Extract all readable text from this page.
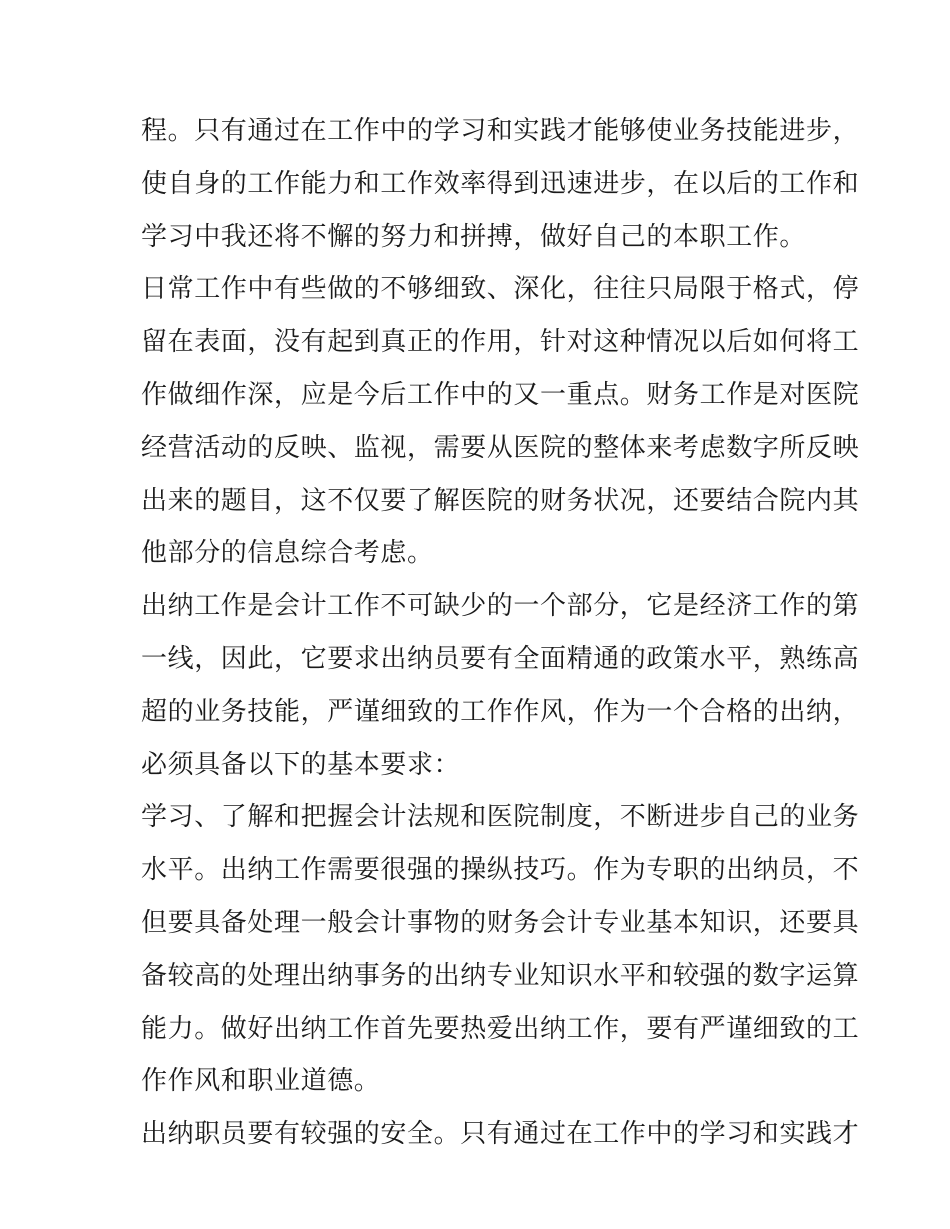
程。只有通过在工作中的学习和实践才能够使业务技能进步，
使自身的工作能力和工作效率得到迅速进步，在以后的工作和
学习中我还将不懈的努力和拼搏，做好自己的本职工作。
日常工作中有些做的不够细致、深化，往往只局限于格式，停
留在表面，没有起到真正的作用，针对这种情况以后如何将工
作做细作深，应是今后工作中的又一重点。财务工作是对医院
经营活动的反映、监视，需要从医院的整体来考虑数字所反映
出来的题目，这不仅要了解医院的财务状况，还要结合院内其
他部分的信息综合考虑。
出纳工作是会计工作不可缺少的一个部分，它是经济工作的第
一线，因此，它要求出纳员要有全面精通的政策水平，熟练高
超的业务技能，严谨细致的工作作风，作为一个合格的出纳，
必须具备以下的基本要求：
学习、了解和把握会计法规和医院制度，不断进步自己的业务
水平。出纳工作需要很强的操纵技巧。作为专职的出纳员，不
但要具备处理一般会计事物的财务会计专业基本知识，还要具
备较高的处理出纳事务的出纳专业知识水平和较强的数字运算
能力。做好出纳工作首先要热爱出纳工作，要有严谨细致的工
作作风和职业道德。
出纳职员要有较强的安全。只有通过在工作中的学习和实践才
